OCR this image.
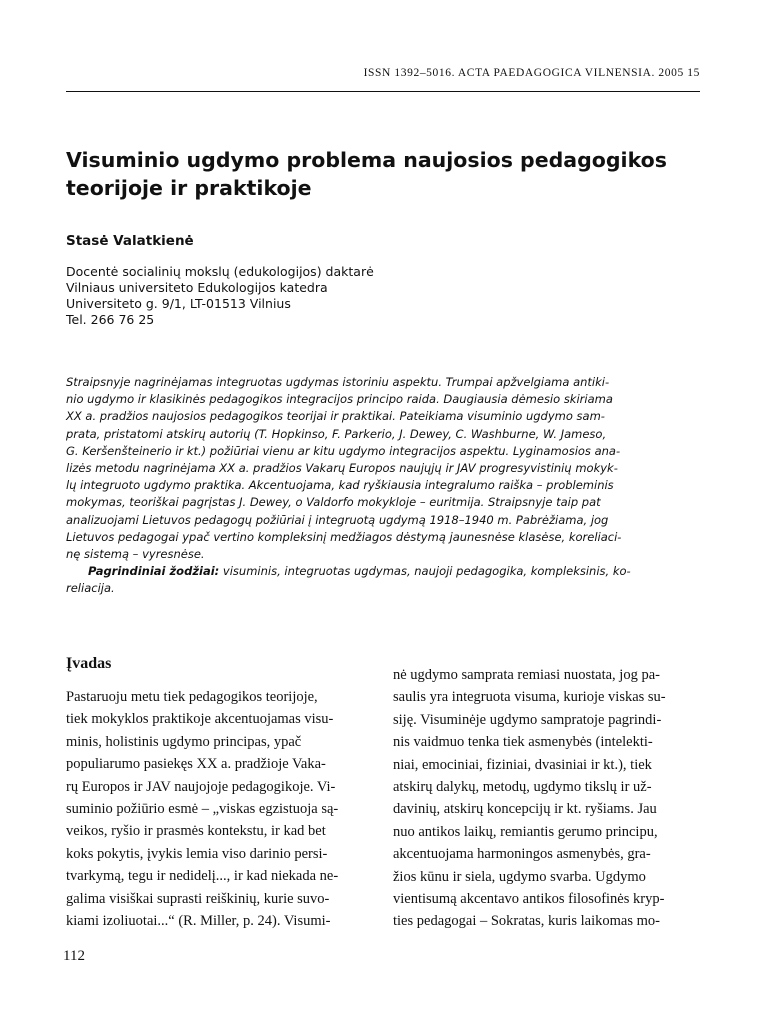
ISSN 1392–5016. ACTA PAEDAGOGICA VILNENSIA. 2005 15
Visuminio ugdymo problema naujosios pedagogikos
teorijoje ir praktikoje
Stasė Valatkienė
Docentė socialinių mokslų (edukologijos) daktarė
Vilniaus universiteto Edukologijos katedra
Universiteto g. 9/1, LT-01513 Vilnius
Tel. 266 76 25
Straipsnyje nagrinėjamas integruotas ugdymas istoriniu aspektu. Trumpai apžvelgiama antiki-
nio ugdymo ir klasikinės pedagogikos integracijos principo raida. Daugiausia dėmesio skiriama
XX a. pradžios naujosios pedagogikos teorijai ir praktikai. Pateikiama visuminio ugdymo sam-
prata, pristatomi atskirų autorių (T. Hopkinso, F. Parkerio, J. Dewey, C. Washburne, W. Jameso,
G. Keršenšteinerio ir kt.) požiūriai vienu ar kitu ugdymo integracijos aspektu. Lyginamosios ana-
lizės metodu nagrinėjama XX a. pradžios Vakarų Europos naujųjų ir JAV progresyvistinių mokyk-
lų integruoto ugdymo praktika. Akcentuojama, kad ryškiausia integralumo raiška – probleminis
mokymas, teoriškai pagrįstas J. Dewey, o Valdorfo mokykloje – euritmija. Straipsnyje taip pat
analizuojami Lietuvos pedagogų požiūriai į integruotą ugdymą 1918–1940 m. Pabrėžiama, jog
Lietuvos pedagogai ypač vertino kompleksinį medžiagos dėstymą jaunesnėse klasėse, koreliaci-
nę sistemą – vyresnėse.
Pagrindiniai žodžiai: visuminis, integruotas ugdymas, naujoji pedagogika, kompleksinis, ko-
reliacija.
Įvadas
Pastaruoju metu tiek pedagogikos teorijoje,
tiek mokyklos praktikoje akcentuojamas visu-
minis, holistinis ugdymo principas, ypač
populiarumo pasiekęs XX a. pradžioje Vaka-
rų Europos ir JAV naujojoje pedagogikoje. Vi-
suminio požiūrio esmė – „viskas egzistuoja są-
veikos, ryšio ir prasmės kontekstu, ir kad bet
koks pokytis, įvykis lemia viso darinio persi-
tvarkymą, tegu ir nedidelį..., ir kad niekada ne-
galima visiškai suprasti reiškinių, kurie suvo-
kiami izoliuotai...“ (R. Miller, p. 24). Visumi-
nė ugdymo samprata remiasi nuostata, jog pa-
saulis yra integruota visuma, kurioje viskas su-
siję. Visuminėje ugdymo sampratoje pagrindi-
nis vaidmuo tenka tiek asmenybės (intelekti-
niai, emociniai, fiziniai, dvasiniai ir kt.), tiek
atskirų dalykų, metodų, ugdymo tikslų ir už-
davinių, atskirų koncepcijų ir kt. ryšiams. Jau
nuo antikos laikų, remiantis gerumo principu,
akcentuojama harmoningos asmenybės, gra-
žios kūnu ir siela, ugdymo svarba. Ugdymo
vientisumą akcentavo antikos filosofinės kryp-
ties pedagogai – Sokratas, kuris laikomas mo-
112
